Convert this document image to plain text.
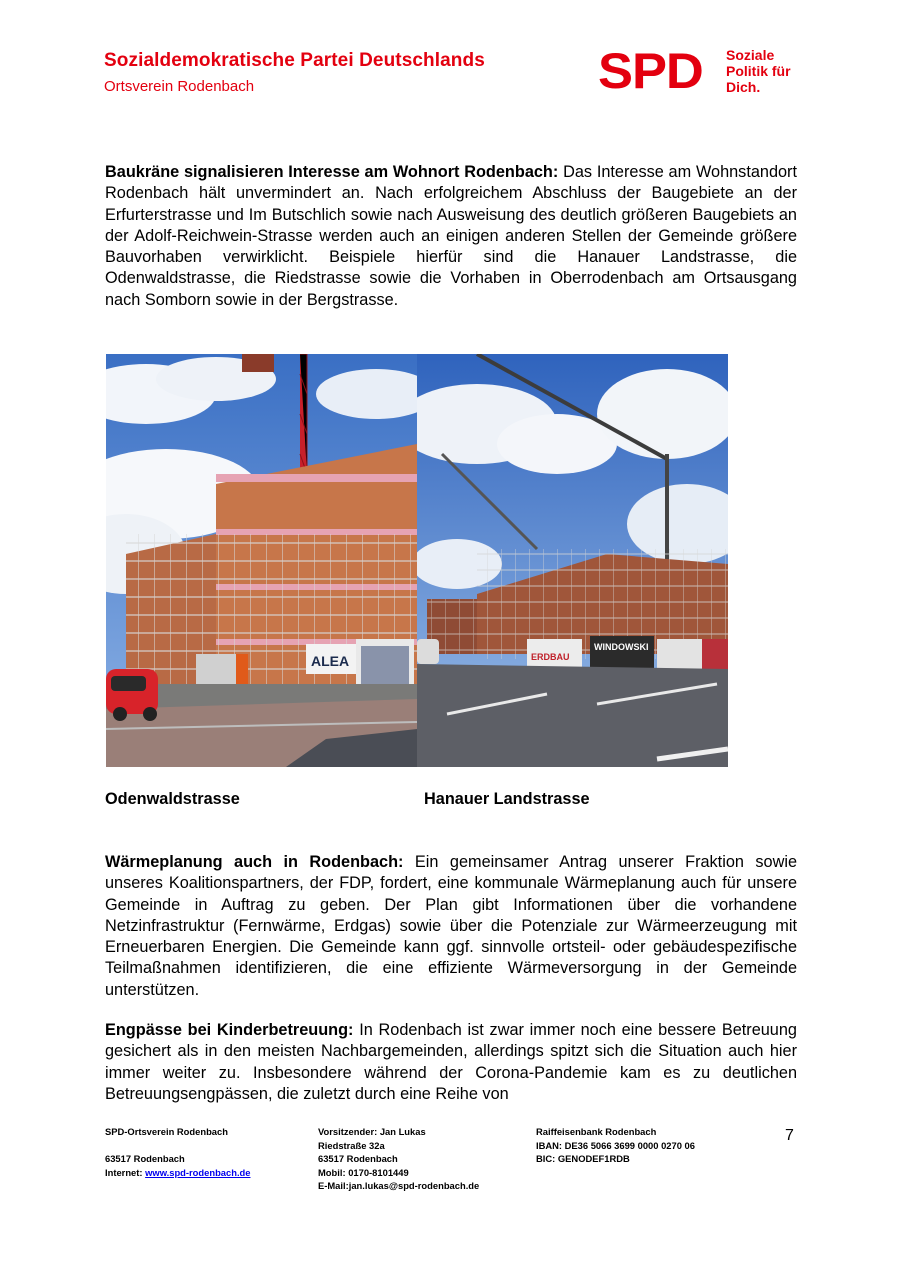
Sozialdemokratische Partei Deutschlands
Ortsverein Rodenbach	SPD Soziale
Politik für
Dich.

Baukräne signalisieren Interesse am Wohnort Rodenbach: Das Interesse am Wohnstandort Rodenbach hält unvermindert an. Nach erfolgreichem Abschluss der Baugebiete an der Erfurterstrasse und Im Butschlich sowie nach Ausweisung des deutlich größeren Baugebiets an der Adolf-Reichwein-Strasse werden auch an einigen anderen Stellen der Gemeinde größere Bauvorhaben verwirklicht. Beispiele hierfür sind die Hanauer Landstrasse, die Odenwaldstrasse, die Riedstrasse sowie die Vorhaben in Oberrodenbach am Ortsausgang nach Somborn sowie in der Bergstrasse.

ALEA	ERDBAU
WINDOWSKI
Odenwaldstrasse	Hanauer Landstrasse

Wärmeplanung auch in Rodenbach: Ein gemeinsamer Antrag unserer Fraktion sowie unseres Koalitionspartners, der FDP, fordert, eine kommunale Wärmeplanung auch für unsere Gemeinde in Auftrag zu geben. Der Plan gibt Informationen über die vorhandene Netzinfrastruktur (Fernwärme, Erdgas) sowie über die Potenziale zur Wärmeerzeugung mit Erneuerbaren Energien. Die Gemeinde kann ggf. sinnvolle ortsteil- oder gebäudespezifische Teilmaßnahmen identifizieren, die eine effiziente Wärmeversorgung in der Gemeinde unterstützen.

Engpässe bei Kinderbetreuung: In Rodenbach ist zwar immer noch eine bessere Betreuung gesichert als in den meisten Nachbargemeinden, allerdings spitzt sich die Situation auch hier immer weiter zu. Insbesondere während der Corona-Pandemie kam es zu deutlichen Betreuungsengpässen, die zuletzt durch eine Reihe von

SPD-Ortsverein Rodenbach
63517 Rodenbach
Internet: www.spd-rodenbach.de
Vorsitzender: Jan Lukas
Riedstraße 32a
63517 Rodenbach
Mobil: 0170-8101449
E-Mail:jan.lukas@spd-rodenbach.de
Raiffeisenbank Rodenbach
IBAN: DE36 5066 3699 0000 0270 06
BIC: GENODEF1RDB
7
